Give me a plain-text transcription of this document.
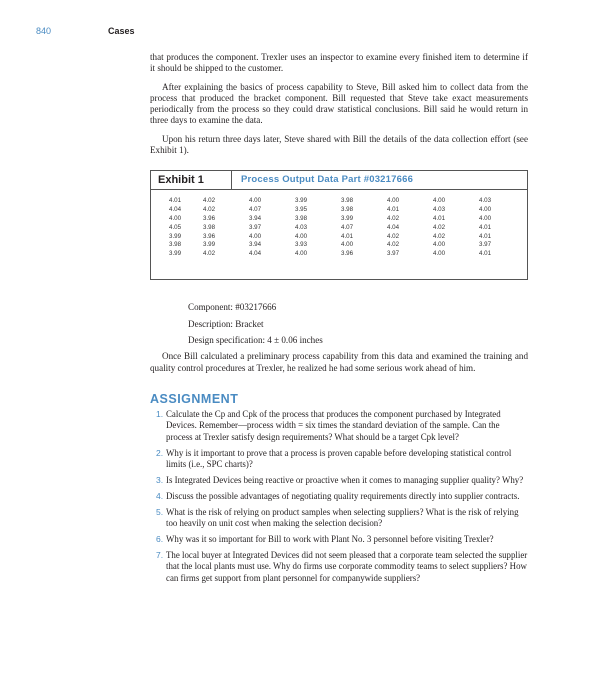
840	Cases

that produces the component. Trexler uses an inspector to examine every finished item to determine if it should be shipped to the customer.

After explaining the basics of process capability to Steve, Bill asked him to collect data from the process that produced the bracket component. Bill requested that Steve take exact measurements periodically from the process so they could draw statistical conclusions. Bill said he would return in three days to examine the data.

Upon his return three days later, Steve shared with Bill the details of the data collection effort (see Exhibit 1).

Exhibit 1	Process Output Data Part #03217666
4.01	4.02	4.00	3.99	3.98	4.00	4.00	4.03
4.04	4.02	4.07	3.95	3.98	4.01	4.03	4.00
4.00	3.96	3.94	3.98	3.99	4.02	4.01	4.00
4.05	3.98	3.97	4.03	4.07	4.04	4.02	4.01
3.99	3.96	4.00	4.00	4.01	4.02	4.02	4.01
3.98	3.99	3.94	3.93	4.00	4.02	4.00	3.97
3.99	4.02	4.04	4.00	3.96	3.97	4.00	4.01
Component: #03217666
Description: Bracket
Design specification: 4 ± 0.06 inches

Once Bill calculated a preliminary process capability from this data and examined the training and quality control procedures at Trexler, he realized he had some serious work ahead of him.

ASSIGNMENT
1. Calculate the Cp and Cpk of the process that produces the component purchased by Integrated Devices. Remember—process width = six times the standard deviation of the sample. Can the process at Trexler satisfy design requirements? What should be a target Cpk level?
2. Why is it important to prove that a process is proven capable before developing statistical control limits (i.e., SPC charts)?
3. Is Integrated Devices being reactive or proactive when it comes to managing supplier quality? Why?
4. Discuss the possible advantages of negotiating quality requirements directly into supplier contracts.
5. What is the risk of relying on product samples when selecting suppliers? What is the risk of relying too heavily on unit cost when making the selection decision?
6. Why was it so important for Bill to work with Plant No. 3 personnel before visiting Trexler?
7. The local buyer at Integrated Devices did not seem pleased that a corporate team selected the supplier that the local plants must use. Why do firms use corporate commodity teams to select suppliers? How can firms get support from plant personnel for companywide suppliers?
